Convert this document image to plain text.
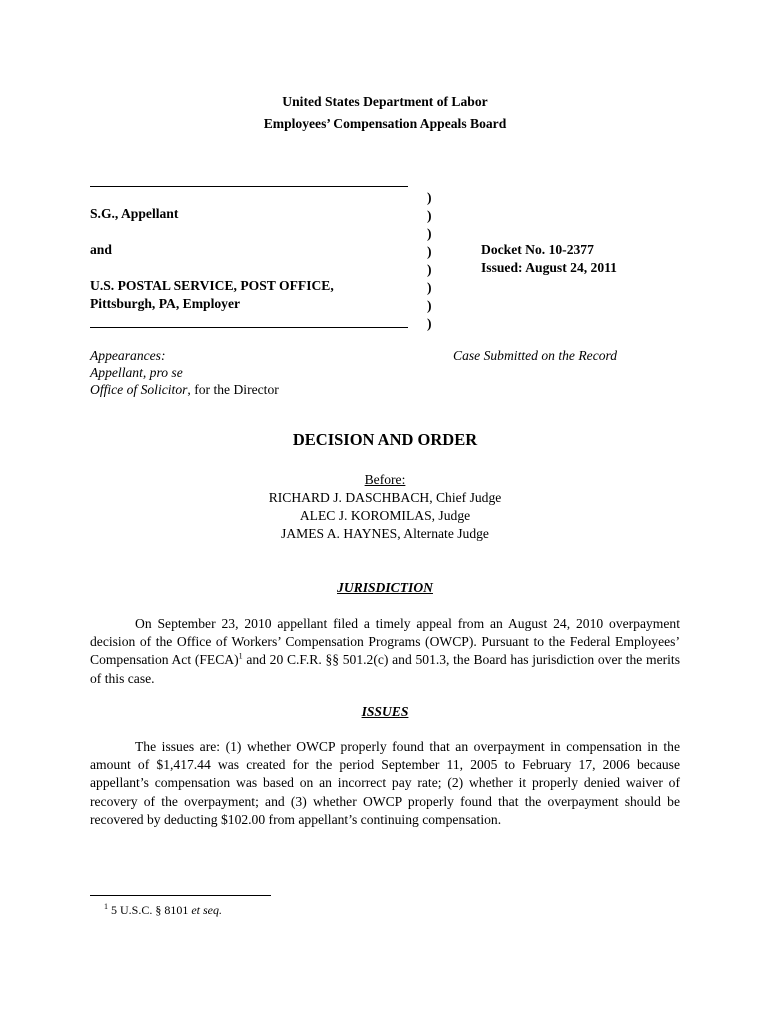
United States Department of Labor
Employees’ Compensation Appeals Board
S.G., Appellant
and
U.S. POSTAL SERVICE, POST OFFICE,
Pittsburgh, PA, Employer
)
)
)
)
)
)
)
)
Docket No. 10-2377
Issued: August 24, 2011
Appearances:
Appellant, pro se
Office of Solicitor, for the Director
Case Submitted on the Record
DECISION AND ORDER
Before:
RICHARD J. DASCHBACH, Chief Judge
ALEC J. KOROMILAS, Judge
JAMES A. HAYNES, Alternate Judge
JURISDICTION
On September 23, 2010 appellant filed a timely appeal from an August 24, 2010 overpayment decision of the Office of Workers’ Compensation Programs (OWCP). Pursuant to the Federal Employees’ Compensation Act (FECA)$^1$ and 20 C.F.R. §§ 501.2(c) and 501.3, the Board has jurisdiction over the merits of this case.
ISSUES
The issues are: (1) whether OWCP properly found that an overpayment in compensation in the amount of $1,417.44 was created for the period September 11, 2005 to February 17, 2006 because appellant’s compensation was based on an incorrect pay rate; (2) whether it properly denied waiver of recovery of the overpayment; and (3) whether OWCP properly found that the overpayment should be recovered by deducting $102.00 from appellant’s continuing compensation.
$^1$ 5 U.S.C. § 8101 et seq.
